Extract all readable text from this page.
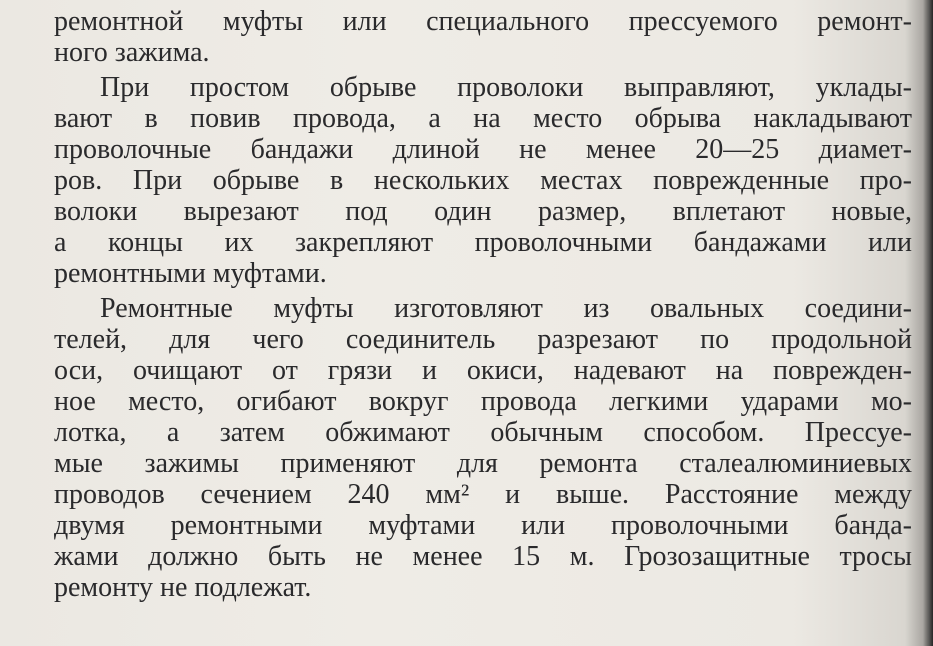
ремонтной муфты или специального прессуемого ремонт-
ного зажима.
При простом обрыве проволоки выправляют, уклады-
вают в повив провода, а на место обрыва накладывают
проволочные бандажи длиной не менее 20—25 диамет-
ров. При обрыве в нескольких местах поврежденные про-
волоки вырезают под один размер, вплетают новые,
а концы их закрепляют проволочными бандажами или
ремонтными муфтами.
Ремонтные муфты изготовляют из овальных соедини-
телей, для чего соединитель разрезают по продольной
оси, очищают от грязи и окиси, надевают на поврежден-
ное место, огибают вокруг провода легкими ударами мо-
лотка, а затем обжимают обычным способом. Прессуе-
мые зажимы применяют для ремонта сталеалюминиевых
проводов сечением 240 мм² и выше. Расстояние между
двумя ремонтными муфтами или проволочными банда-
жами должно быть не менее 15 м. Грозозащитные тросы
ремонту не подлежат.
